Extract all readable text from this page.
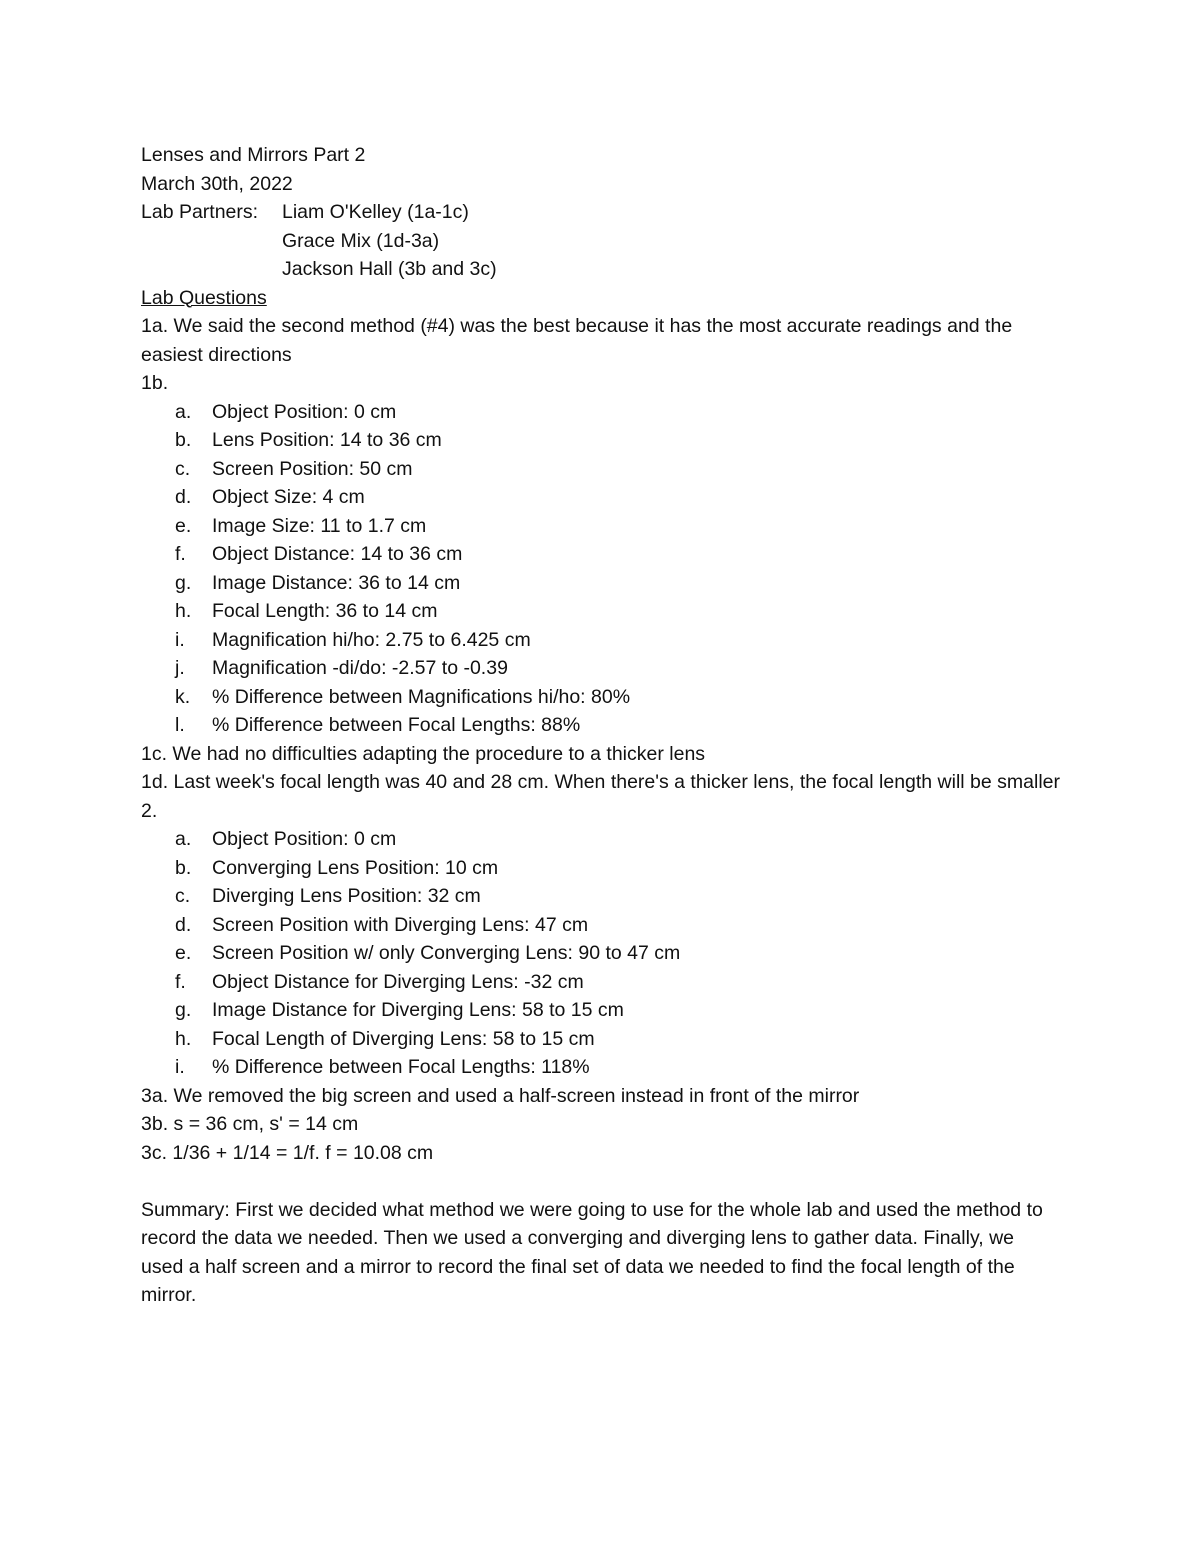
Lenses and Mirrors Part 2
March 30th, 2022
Lab Partners:	Liam O'Kelley (1a-1c)
Grace Mix (1d-3a)
Jackson Hall (3b and 3c)
Lab Questions
1a. We said the second method (#4) was the best because it has the most accurate readings and the easiest directions
1b.
a.	Object Position: 0 cm
b.	Lens Position: 14 to 36 cm
c.	Screen Position: 50 cm
d.	Object Size: 4 cm
e.	Image Size: 11 to 1.7 cm
f.	Object Distance: 14 to 36 cm
g.	Image Distance: 36 to 14 cm
h.	Focal Length: 36 to 14 cm
i.	Magnification hi/ho: 2.75 to 6.425 cm
j.	Magnification -di/do: -2.57 to -0.39
k.	% Difference between Magnifications hi/ho: 80%
l.	% Difference between Focal Lengths: 88%
1c. We had no difficulties adapting the procedure to a thicker lens
1d. Last week's focal length was 40 and 28 cm. When there's a thicker lens, the focal length will be smaller
2.
a.	Object Position: 0 cm
b.	Converging Lens Position: 10 cm
c.	Diverging Lens Position: 32 cm
d.	Screen Position with Diverging Lens: 47 cm
e.	Screen Position w/ only Converging Lens: 90 to 47 cm
f.	Object Distance for Diverging Lens: -32 cm
g.	Image Distance for Diverging Lens: 58 to 15 cm
h.	Focal Length of Diverging Lens: 58 to 15 cm
i.	% Difference between Focal Lengths: 118%
3a. We removed the big screen and used a half-screen instead in front of the mirror
3b. s = 36 cm, s' = 14 cm
3c. 1/36 + 1/14 = 1/f. f = 10.08 cm
Summary: First we decided what method we were going to use for the whole lab and used the method to record the data we needed. Then we used a converging and diverging lens to gather data. Finally, we used a half screen and a mirror to record the final set of data we needed to find the focal length of the mirror.
